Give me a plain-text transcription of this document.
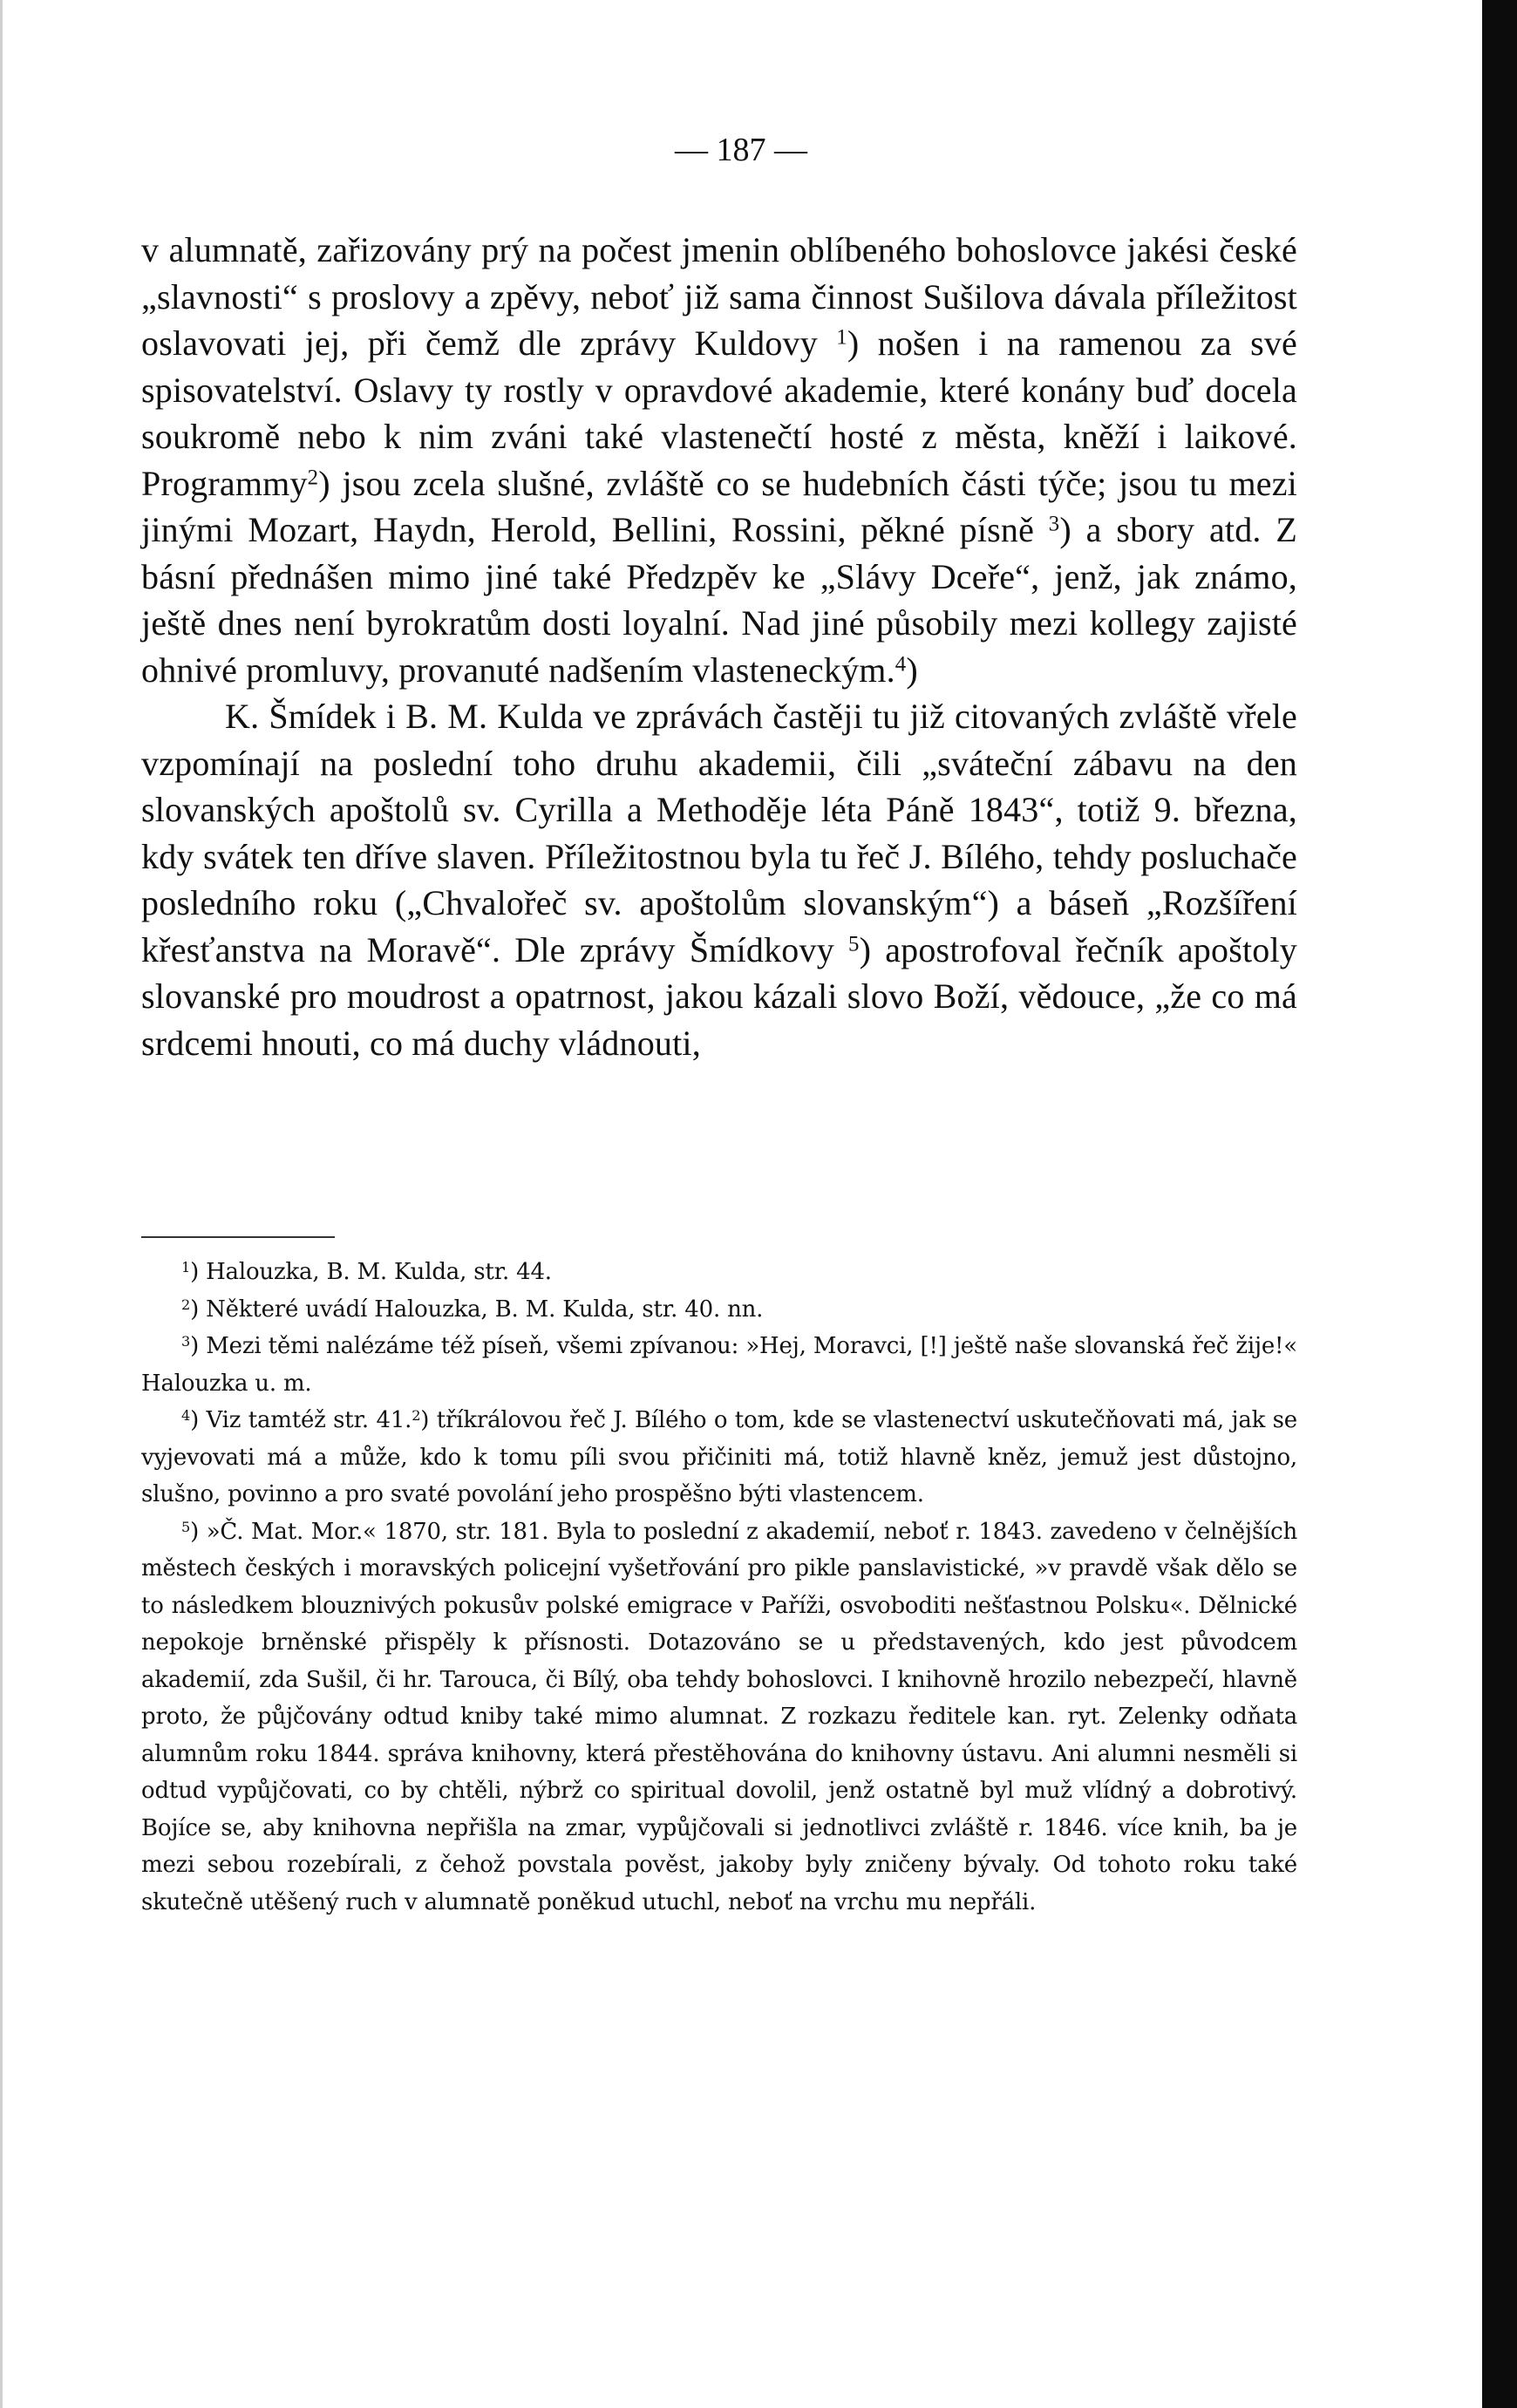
— 187 —

v alumnatě, zařizovány prý na počest jmenin oblíbeného bohoslovce jakési české „slavnosti“ s proslovy a zpěvy, neboť již sama činnost Sušilova dávala příležitost oslavovati jej, při čemž dle zprávy Kuldovy $^1$) nošen i na ramenou za své spisovatelství. Oslavy ty rostly v opravdové akademie, které konány buď docela soukromě nebo k nim zváni také vlastenečtí hosté z města, kněží i laikové. Programmy$^2$) jsou zcela slušné, zvláště co se hudebních části týče; jsou tu mezi jinými Mozart, Haydn, Herold, Bellini, Rossini, pěkné písně $^3$) a sbory atd. Z básní přednášen mimo jiné také Předzpěv ke „Slávy Dceře“, jenž, jak známo, ještě dnes není byrokratům dosti loyalní. Nad jiné působily mezi kollegy zajisté ohnivé promluvy, provanuté nadšením vlasteneckým.$^4$)

K. Šmídek i B. M. Kulda ve zprávách častěji tu již citovaných zvláště vřele vzpomínají na poslední toho druhu akademii, čili „sváteční zábavu na den slovanských apoštolů sv. Cyrilla a Methoděje léta Páně 1843“, totiž 9. března, kdy svátek ten dříve slaven. Příležitostnou byla tu řeč J. Bílého, tehdy posluchače posledního roku („Chvalořeč sv. apoštolům slovanským“) a báseň „Rozšíření křesťanstva na Moravě“. Dle zprávy Šmídkovy $^5$) apostrofoval řečník apoštoly slovanské pro moudrost a opatrnost, jakou kázali slovo Boží, vědouce, „že co má srdcemi hnouti, co má duchy vládnouti,

$^1$) Halouzka, B. M. Kulda, str. 44.

$^2$) Některé uvádí Halouzka, B. M. Kulda, str. 40. nn.

$^3$) Mezi těmi nalézáme též píseň, všemi zpívanou: »Hej, Moravci, [!] ještě naše slovanská řeč žije!« Halouzka u. m.

$^4$) Viz tamtéž str. 41.$^2$) tříkrálovou řeč J. Bílého o tom, kde se vlastenectví uskutečňovati má, jak se vyjevovati má a může, kdo k tomu píli svou přičiniti má, totiž hlavně kněz, jemuž jest důstojno, slušno, povinno a pro svaté povolání jeho prospěšno býti vlastencem.

$^5$) »Č. Mat. Mor.« 1870, str. 181. Byla to poslední z akademií, neboť r. 1843. zavedeno v čelnějších městech českých i moravských policejní vyšetřování pro pikle panslavistické, »v pravdě však dělo se to následkem blouznivých pokusův polské emigrace v Paříži, osvoboditi nešťastnou Polsku«. Dělnické nepokoje brněnské přispěly k přísnosti. Dotazováno se u představených, kdo jest původcem akademií, zda Sušil, či hr. Tarouca, či Bílý, oba tehdy bohoslovci. I knihovně hrozilo nebezpečí, hlavně proto, že půjčovány odtud kniby také mimo alumnat. Z rozkazu ředitele kan. ryt. Zelenky odňata alumnům roku 1844. správa knihovny, která přestěhována do knihovny ústavu. Ani alumni nesměli si odtud vypůjčovati, co by chtěli, nýbrž co spiritual dovolil, jenž ostatně byl muž vlídný a dobrotivý. Bojíce se, aby knihovna nepřišla na zmar, vypůjčovali si jednotlivci zvláště r. 1846. více knih, ba je mezi sebou rozebírali, z čehož povstala pověst, jakoby byly zničeny bývaly. Od tohoto roku také skutečně utěšený ruch v alumnatě poněkud utuchl, neboť na vrchu mu nepřáli.
